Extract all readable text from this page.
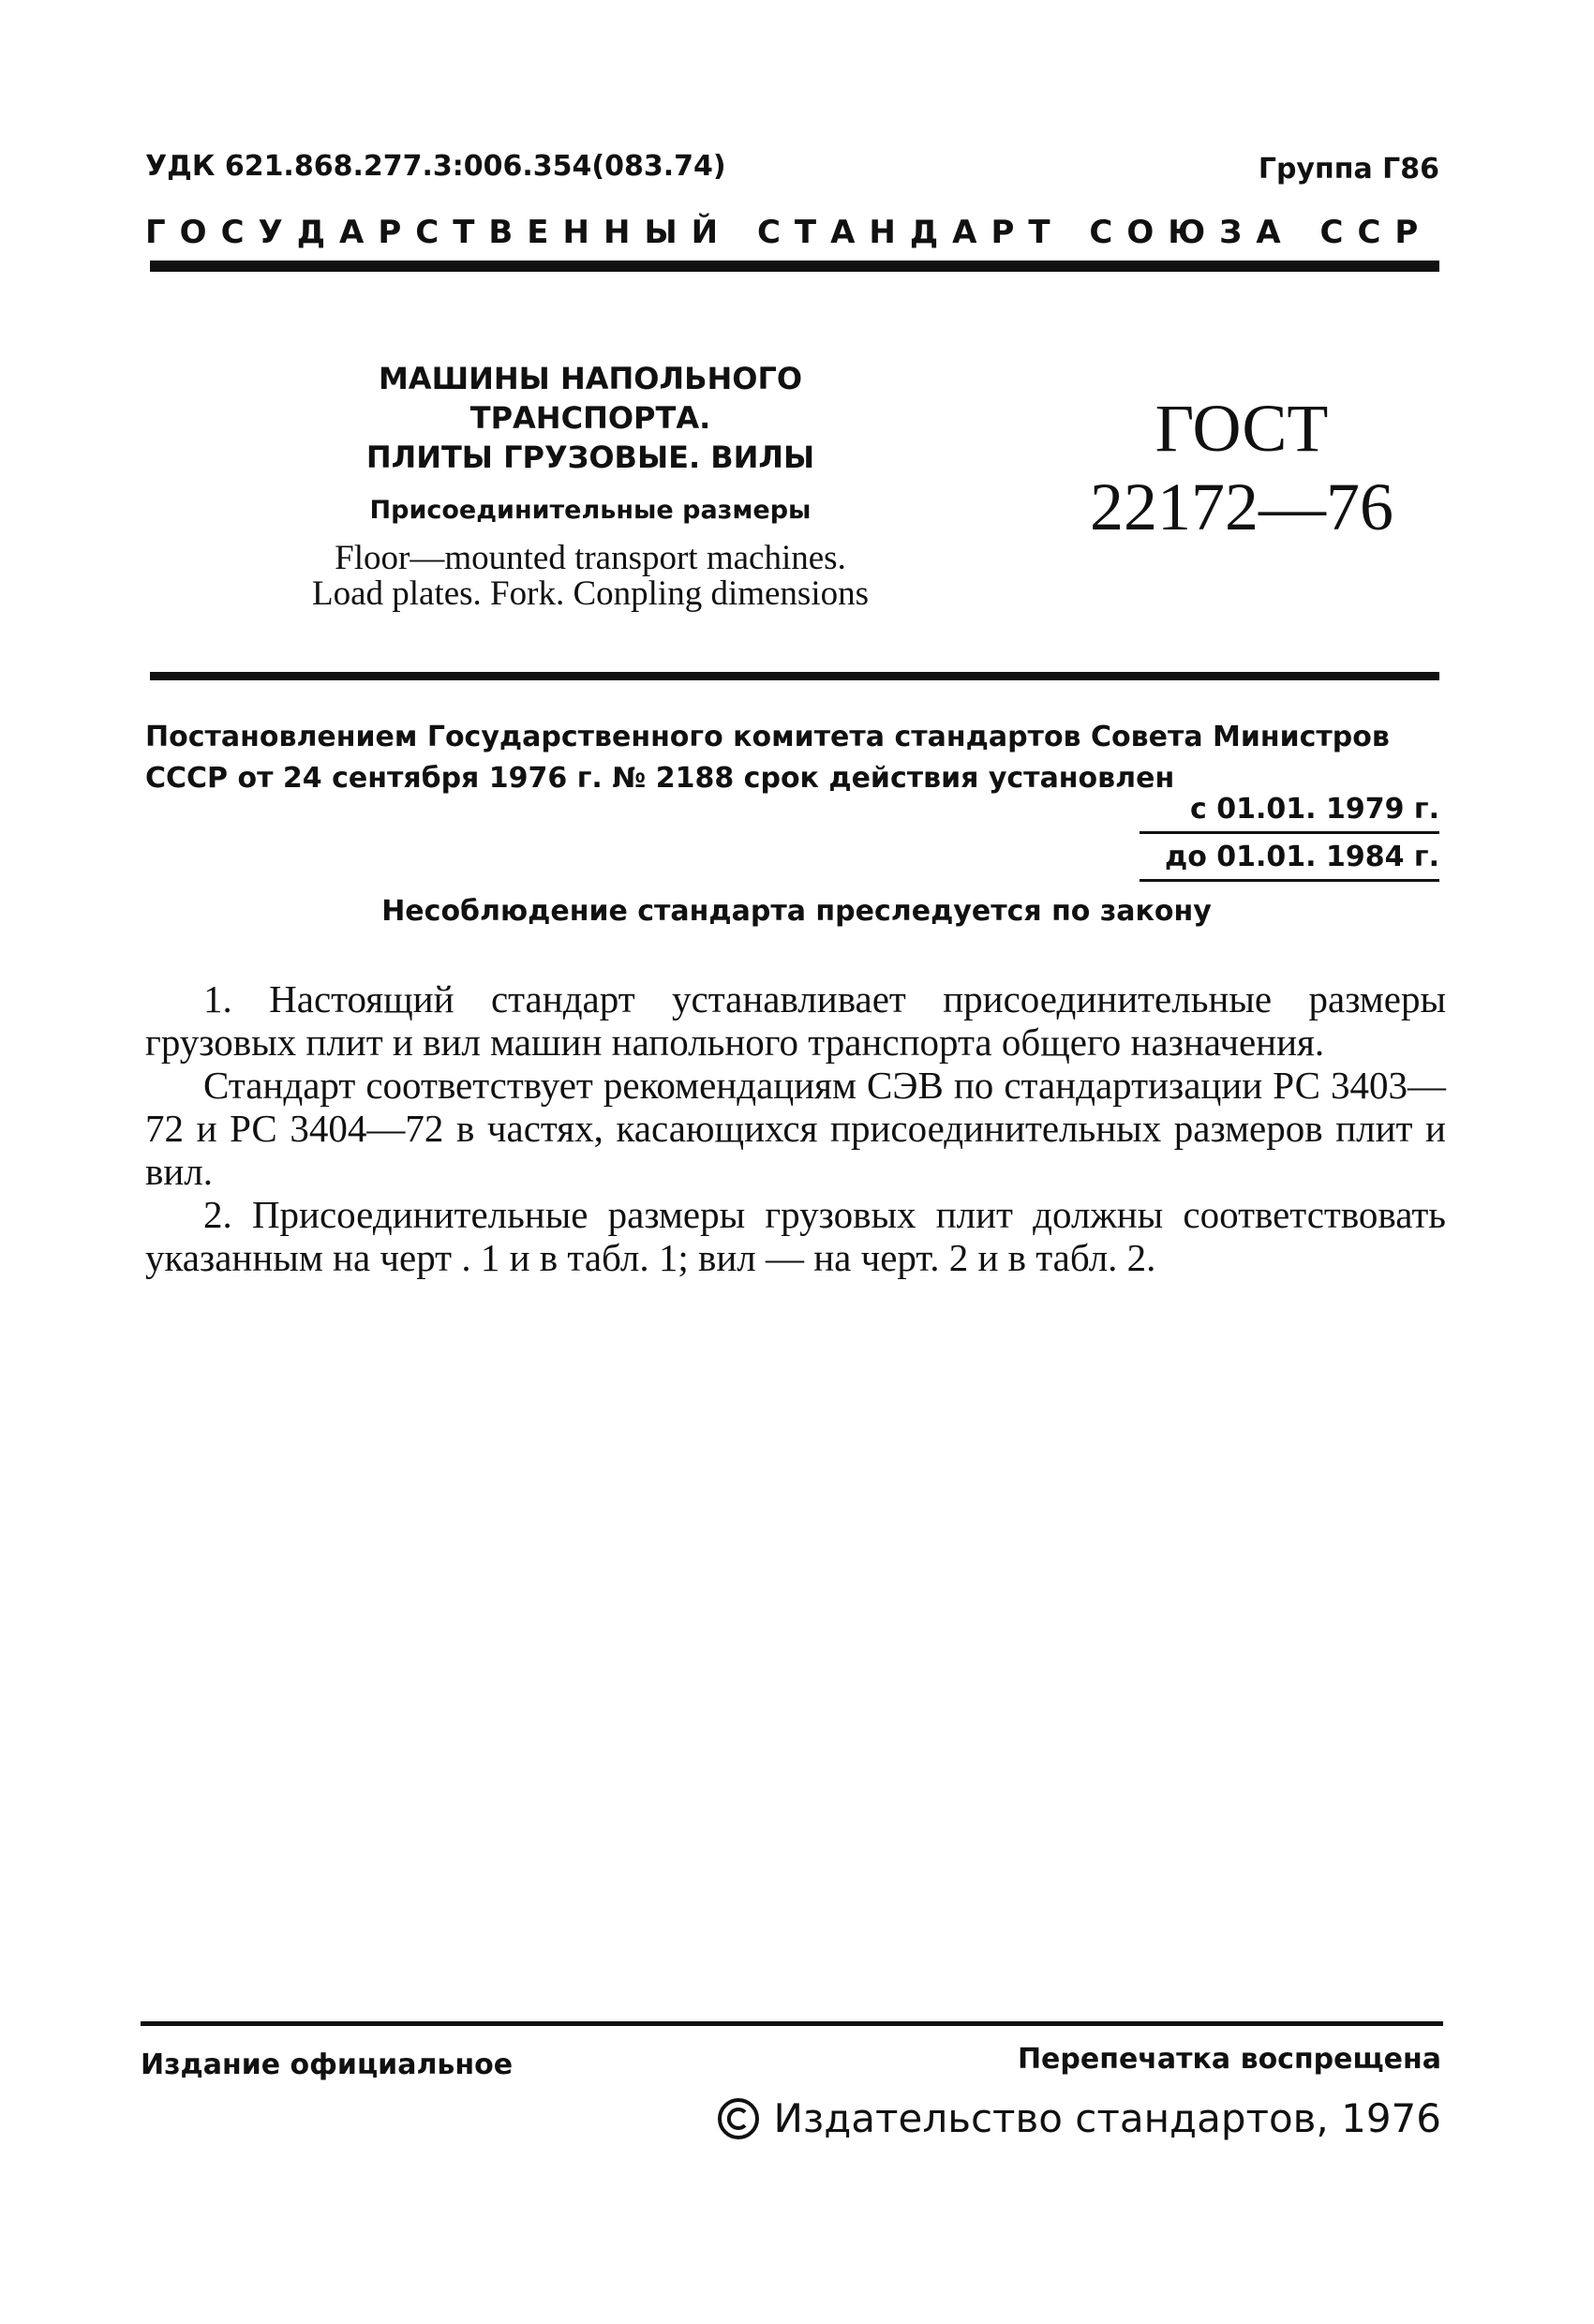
УДК 621.868.277.3:006.354(083.74)	Группа Г86
ГОСУДАРСТВЕННЫЙ СТАНДАРТ СОЮЗА ССР
МАШИНЫ НАПОЛЬНОГО ТРАНСПОРТА.
ПЛИТЫ ГРУЗОВЫЕ. ВИЛЫ
Присоединительные размеры
Floor—mounted transport machines.
Load plates. Fork. Conpling dimensions
ГОСТ
22172—76
Постановлением Государственного комитета стандартов Совета Министров СССР от 24 сентября 1976 г. № 2188 срок действия установлен
с 01.01. 1979 г.
до 01.01. 1984 г.
Несоблюдение стандарта преследуется по закону

1. Настоящий стандарт устанавливает присоединительные размеры грузовых плит и вил машин напольного транспорта общего назначения.

Стандарт соответствует рекомендациям СЭВ по стандартизации РС 3403—72 и РС 3404—72 в частях, касающихся присоединительных размеров плит и вил.

2. Присоединительные размеры грузовых плит должны соответствовать указанным на черт . 1 и в табл. 1; вил — на черт. 2 и в табл. 2.

Издание официальное	Перепечатка воспрещена
Издательство стандартов, 1976
